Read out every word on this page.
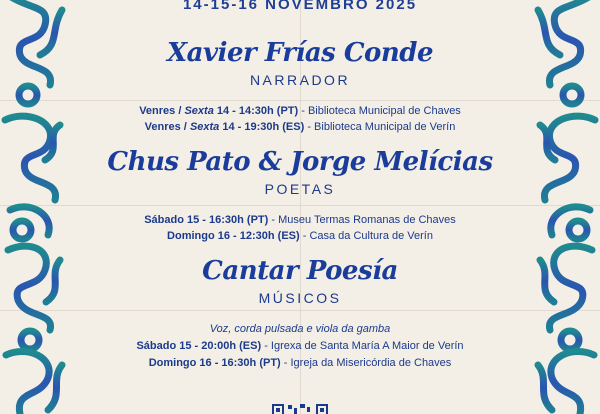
14-15-16 NOVEMBRO 2025
Xavier Frías Conde
NARRADOR
Venres / Sexta 14 - 14:30h (PT) - Biblioteca Municipal de Chaves
Venres / Sexta 14 - 19:30h (ES) - Biblioteca Municipal de Verín
Chus Pato & Jorge Melícias
POETAS
Sábado 15 - 16:30h (PT) - Museu Termas Romanas de Chaves
Domingo 16 - 12:30h (ES) - Casa da Cultura de Verín
Cantar Poesía
MÚSICOS
Voz, corda pulsada e viola da gamba
Sábado 15 - 20:00h (ES) - Igrexa de Santa María A Maior de Verín
Domingo 16 - 16:30h (PT) - Igreja da Misericórdia de Chaves
